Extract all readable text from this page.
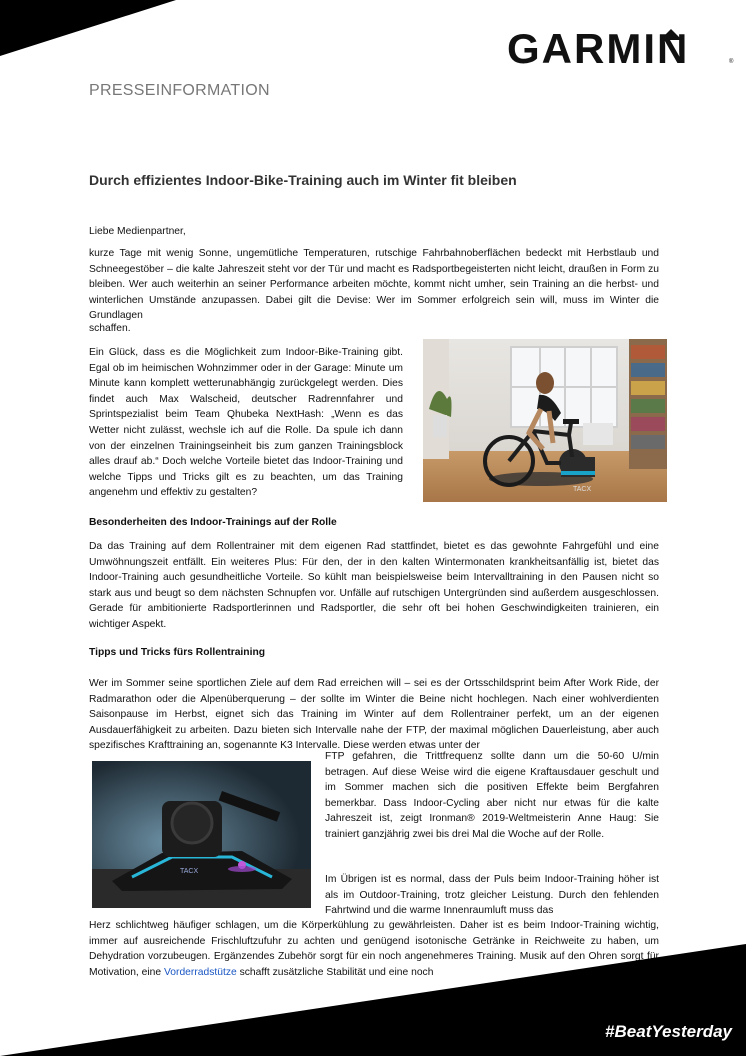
GARMIN	®
PRESSEINFORMATION
Durch effizientes Indoor-Bike-Training auch im Winter fit bleiben

Liebe Medienpartner,

kurze Tage mit wenig Sonne, ungemütliche Temperaturen, rutschige Fahrbahnoberflächen bedeckt mit Herbstlaub und Schneegestöber – die kalte Jahreszeit steht vor der Tür und macht es Radsportbegeisterten nicht leicht, draußen in Form zu bleiben. Wer auch weiterhin an seiner Performance arbeiten möchte, kommt nicht umher, sein Training an die herbst- und winterlichen Umstände anzupassen. Dabei gilt die Devise: Wer im Sommer erfolgreich sein will, muss im Winter die Grundlagen

schaffen.

Ein Glück, dass es die Möglichkeit zum Indoor-Bike-Training gibt. Egal ob im heimischen Wohnzimmer oder in der Garage: Minute um Minute kann komplett wetterunabhängig zurückgelegt werden. Dies findet auch Max Walscheid, deutscher Radrennfahrer und Sprintspezialist beim Team Qhubeka NextHash: „Wenn es das Wetter nicht zulässt, wechsle ich auf die Rolle. Da spule ich dann von der einzelnen Trainingseinheit bis zum ganzen Trainingsblock alles drauf ab.“ Doch welche Vorteile bietet das Indoor-Training und welche Tipps und Tricks gilt es zu beachten, um das Training angenehm und effektiv zu gestalten?	TACX

Besonderheiten des Indoor-Trainings auf der Rolle

Da das Training auf dem Rollentrainer mit dem eigenen Rad stattfindet, bietet es das gewohnte Fahrgefühl und eine Umwöhnungszeit entfällt. Ein weiteres Plus: Für den, der in den kalten Wintermonaten krankheitsanfällig ist, bietet das Indoor-Training auch gesundheitliche Vorteile. So kühlt man beispielsweise beim Intervalltraining in den Pausen nicht so stark aus und beugt so dem nächsten Schnupfen vor. Unfälle auf rutschigen Untergründen sind außerdem ausgeschlossen. Gerade für ambitionierte Radsportlerinnen und Radsportler, die sehr oft bei hohen Geschwindigkeiten trainieren, ein wichtiger Aspekt.

Tipps und Tricks fürs Rollentraining

Wer im Sommer seine sportlichen Ziele auf dem Rad erreichen will – sei es der Ortsschildsprint beim After Work Ride, der Radmarathon oder die Alpenüberquerung – der sollte im Winter die Beine nicht hochlegen. Nach einer wohlverdienten Saisonpause im Herbst, eignet sich das Training im Winter auf dem Rollentrainer perfekt, um an der eigenen Ausdauerfähigkeit zu arbeiten. Dazu bieten sich Intervalle nahe der FTP, der maximal möglichen Dauerleistung, aber auch spezifisches Krafttraining an, sogenannte K3 Intervalle. Diese werden etwas unter der

TACX

FTP gefahren, die Trittfrequenz sollte dann um die 50-60 U/min betragen. Auf diese Weise wird die eigene Kraftausdauer geschult und im Sommer machen sich die positiven Effekte beim Bergfahren bemerkbar. Dass Indoor-Cycling aber nicht nur etwas für die kalte Jahreszeit ist, zeigt Ironman® 2019-Weltmeisterin Anne Haug: Sie trainiert ganzjährig zwei bis drei Mal die Woche auf der Rolle.

Im Übrigen ist es normal, dass der Puls beim Indoor-Training höher ist als im Outdoor-Training, trotz gleicher Leistung. Durch den fehlenden Fahrtwind und die warme Innenraumluft muss das

Herz schlichtweg häufiger schlagen, um die Körperkühlung zu gewährleisten. Daher ist es beim Indoor-Training wichtig, immer auf ausreichende Frischluftzufuhr zu achten und genügend isotonische Getränke in Reichweite zu haben, um Dehydration vorzubeugen. Ergänzendes Zubehör sorgt für ein noch angenehmeres Training. Musik auf den Ohren sorgt für Motivation, eine Vorderradstütze schafft zusätzliche Stabilität und eine noch

#BeatYesterday
